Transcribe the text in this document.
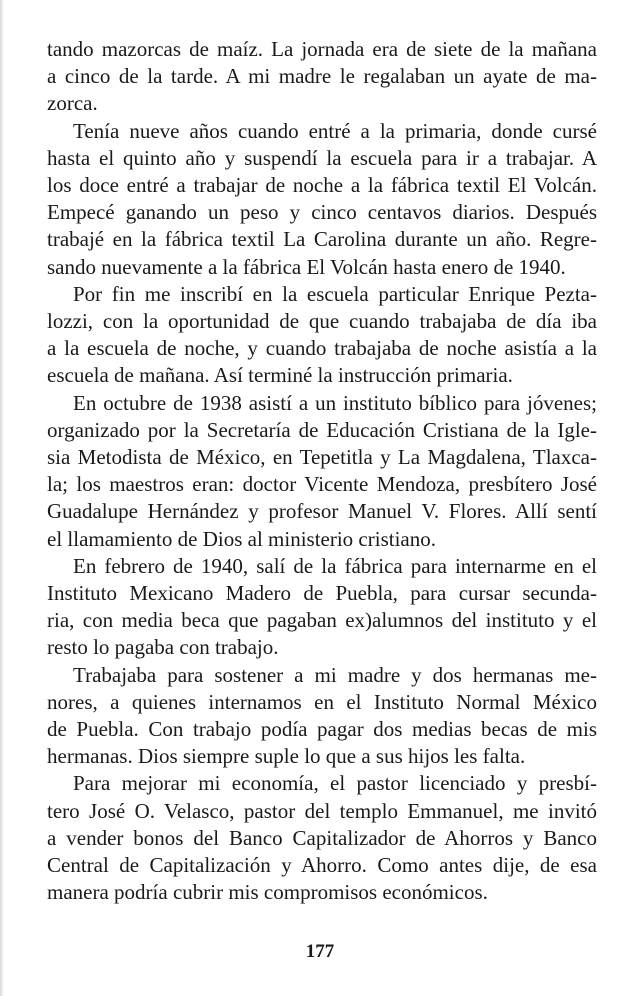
tando mazorcas de maíz. La jornada era de siete de la mañana
a cinco de la tarde. A mi madre le regalaban un ayate de ma-
zorca.

Tenía nueve años cuando entré a la primaria, donde cursé
hasta el quinto año y suspendí la escuela para ir a trabajar. A
los doce entré a trabajar de noche a la fábrica textil El Volcán.
Empecé ganando un peso y cinco centavos diarios. Después
trabajé en la fábrica textil La Carolina durante un año. Regre-
sando nuevamente a la fábrica El Volcán hasta enero de 1940.

Por fin me inscribí en la escuela particular Enrique Pezta-
lozzi, con la oportunidad de que cuando trabajaba de día iba
a la escuela de noche, y cuando trabajaba de noche asistía a la
escuela de mañana. Así terminé la instrucción primaria.

En octubre de 1938 asistí a un instituto bíblico para jóvenes;
organizado por la Secretaría de Educación Cristiana de la Igle-
sia Metodista de México, en Tepetitla y La Magdalena, Tlaxca-
la; los maestros eran: doctor Vicente Mendoza, presbítero José
Guadalupe Hernández y profesor Manuel V. Flores. Allí sentí
el llamamiento de Dios al ministerio cristiano.

En febrero de 1940, salí de la fábrica para internarme en el
Instituto Mexicano Madero de Puebla, para cursar secunda-
ria, con media beca que pagaban ex)alumnos del instituto y el
resto lo pagaba con trabajo.

Trabajaba para sostener a mi madre y dos hermanas me-
nores, a quienes internamos en el Instituto Normal México
de Puebla. Con trabajo podía pagar dos medias becas de mis
hermanas. Dios siempre suple lo que a sus hijos les falta.

Para mejorar mi economía, el pastor licenciado y presbí-
tero José O. Velasco, pastor del templo Emmanuel, me invitó
a vender bonos del Banco Capitalizador de Ahorros y Banco
Central de Capitalización y Ahorro. Como antes dije, de esa
manera podría cubrir mis compromisos económicos.

177
